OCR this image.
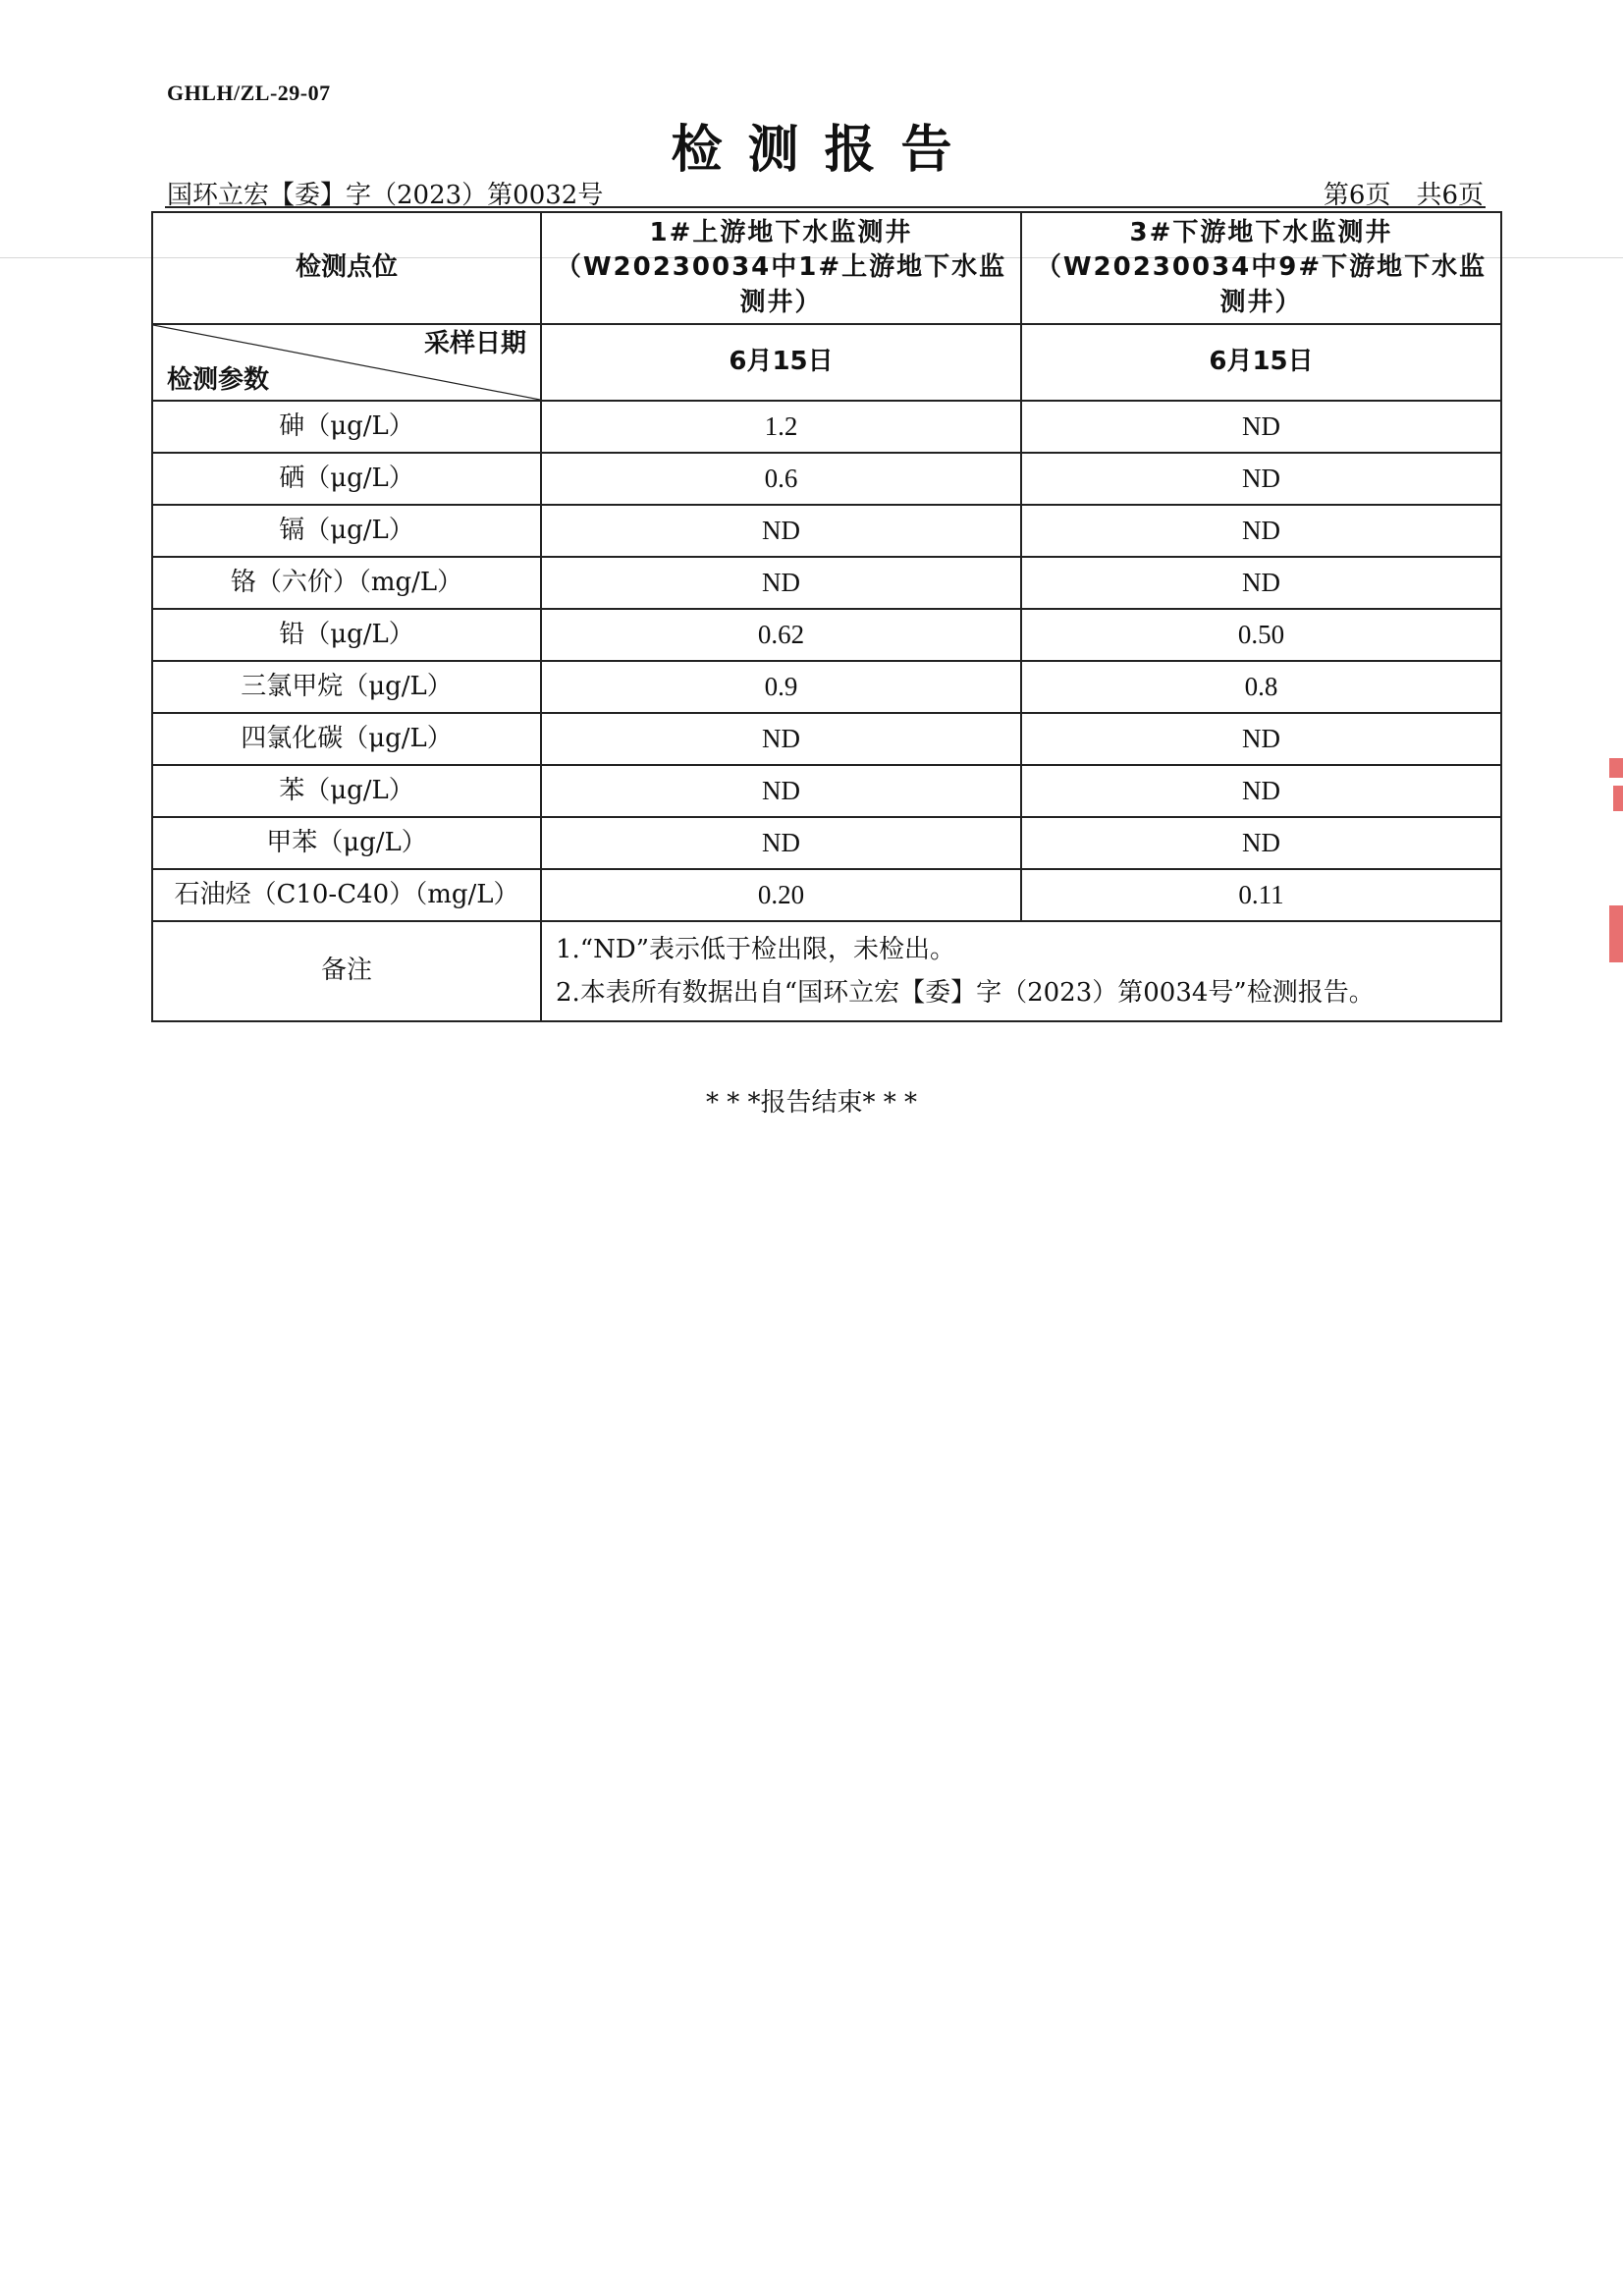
GHLH/ZL-29-07
检测报告
国环立宏【委】字（2023）第0032号	第6页　共6页
检测点位	1#上游地下水监测井（W20230034中1#上游地下水监测井）	3#下游地下水监测井（W20230034中9#下游地下水监测井）

采样日期
检测参数	6月15日	6月15日
砷（μg/L）	1.2	ND
硒（μg/L）	0.6	ND
镉（μg/L）	ND	ND
铬（六价）（mg/L）	ND	ND
铅（μg/L）	0.62	0.50
三氯甲烷（μg/L）	0.9	0.8
四氯化碳（μg/L）	ND	ND
苯（μg/L）	ND	ND
甲苯（μg/L）	ND	ND
石油烃（C10-C40）（mg/L）	0.20	0.11
备注	1.“ND”表示低于检出限，未检出。
2.本表所有数据出自“国环立宏【委】字（2023）第0034号”检测报告。	
* * *报告结束* * *
